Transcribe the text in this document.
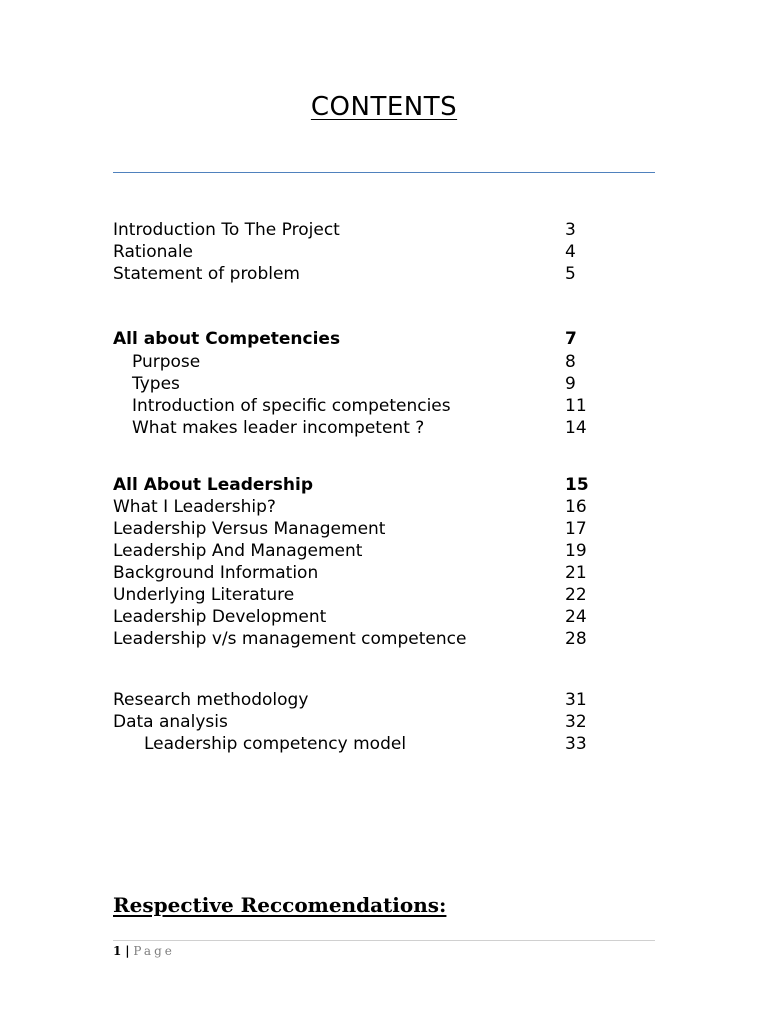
CONTENTS
Introduction To The Project	3
Rationale	4
Statement of problem	5
All about Competencies	7
Purpose	8
Types	9
Introduction of specific competencies	11
What makes leader incompetent ?	14
All About Leadership	15
What I Leadership?	16
Leadership Versus Management	17
Leadership And Management	19
Background Information	21
Underlying Literature	22
Leadership Development	24
Leadership v/s management competence	28
Research methodology	31
Data analysis	32
Leadership competency model	33
Respective Reccomendations:
1 | Page
